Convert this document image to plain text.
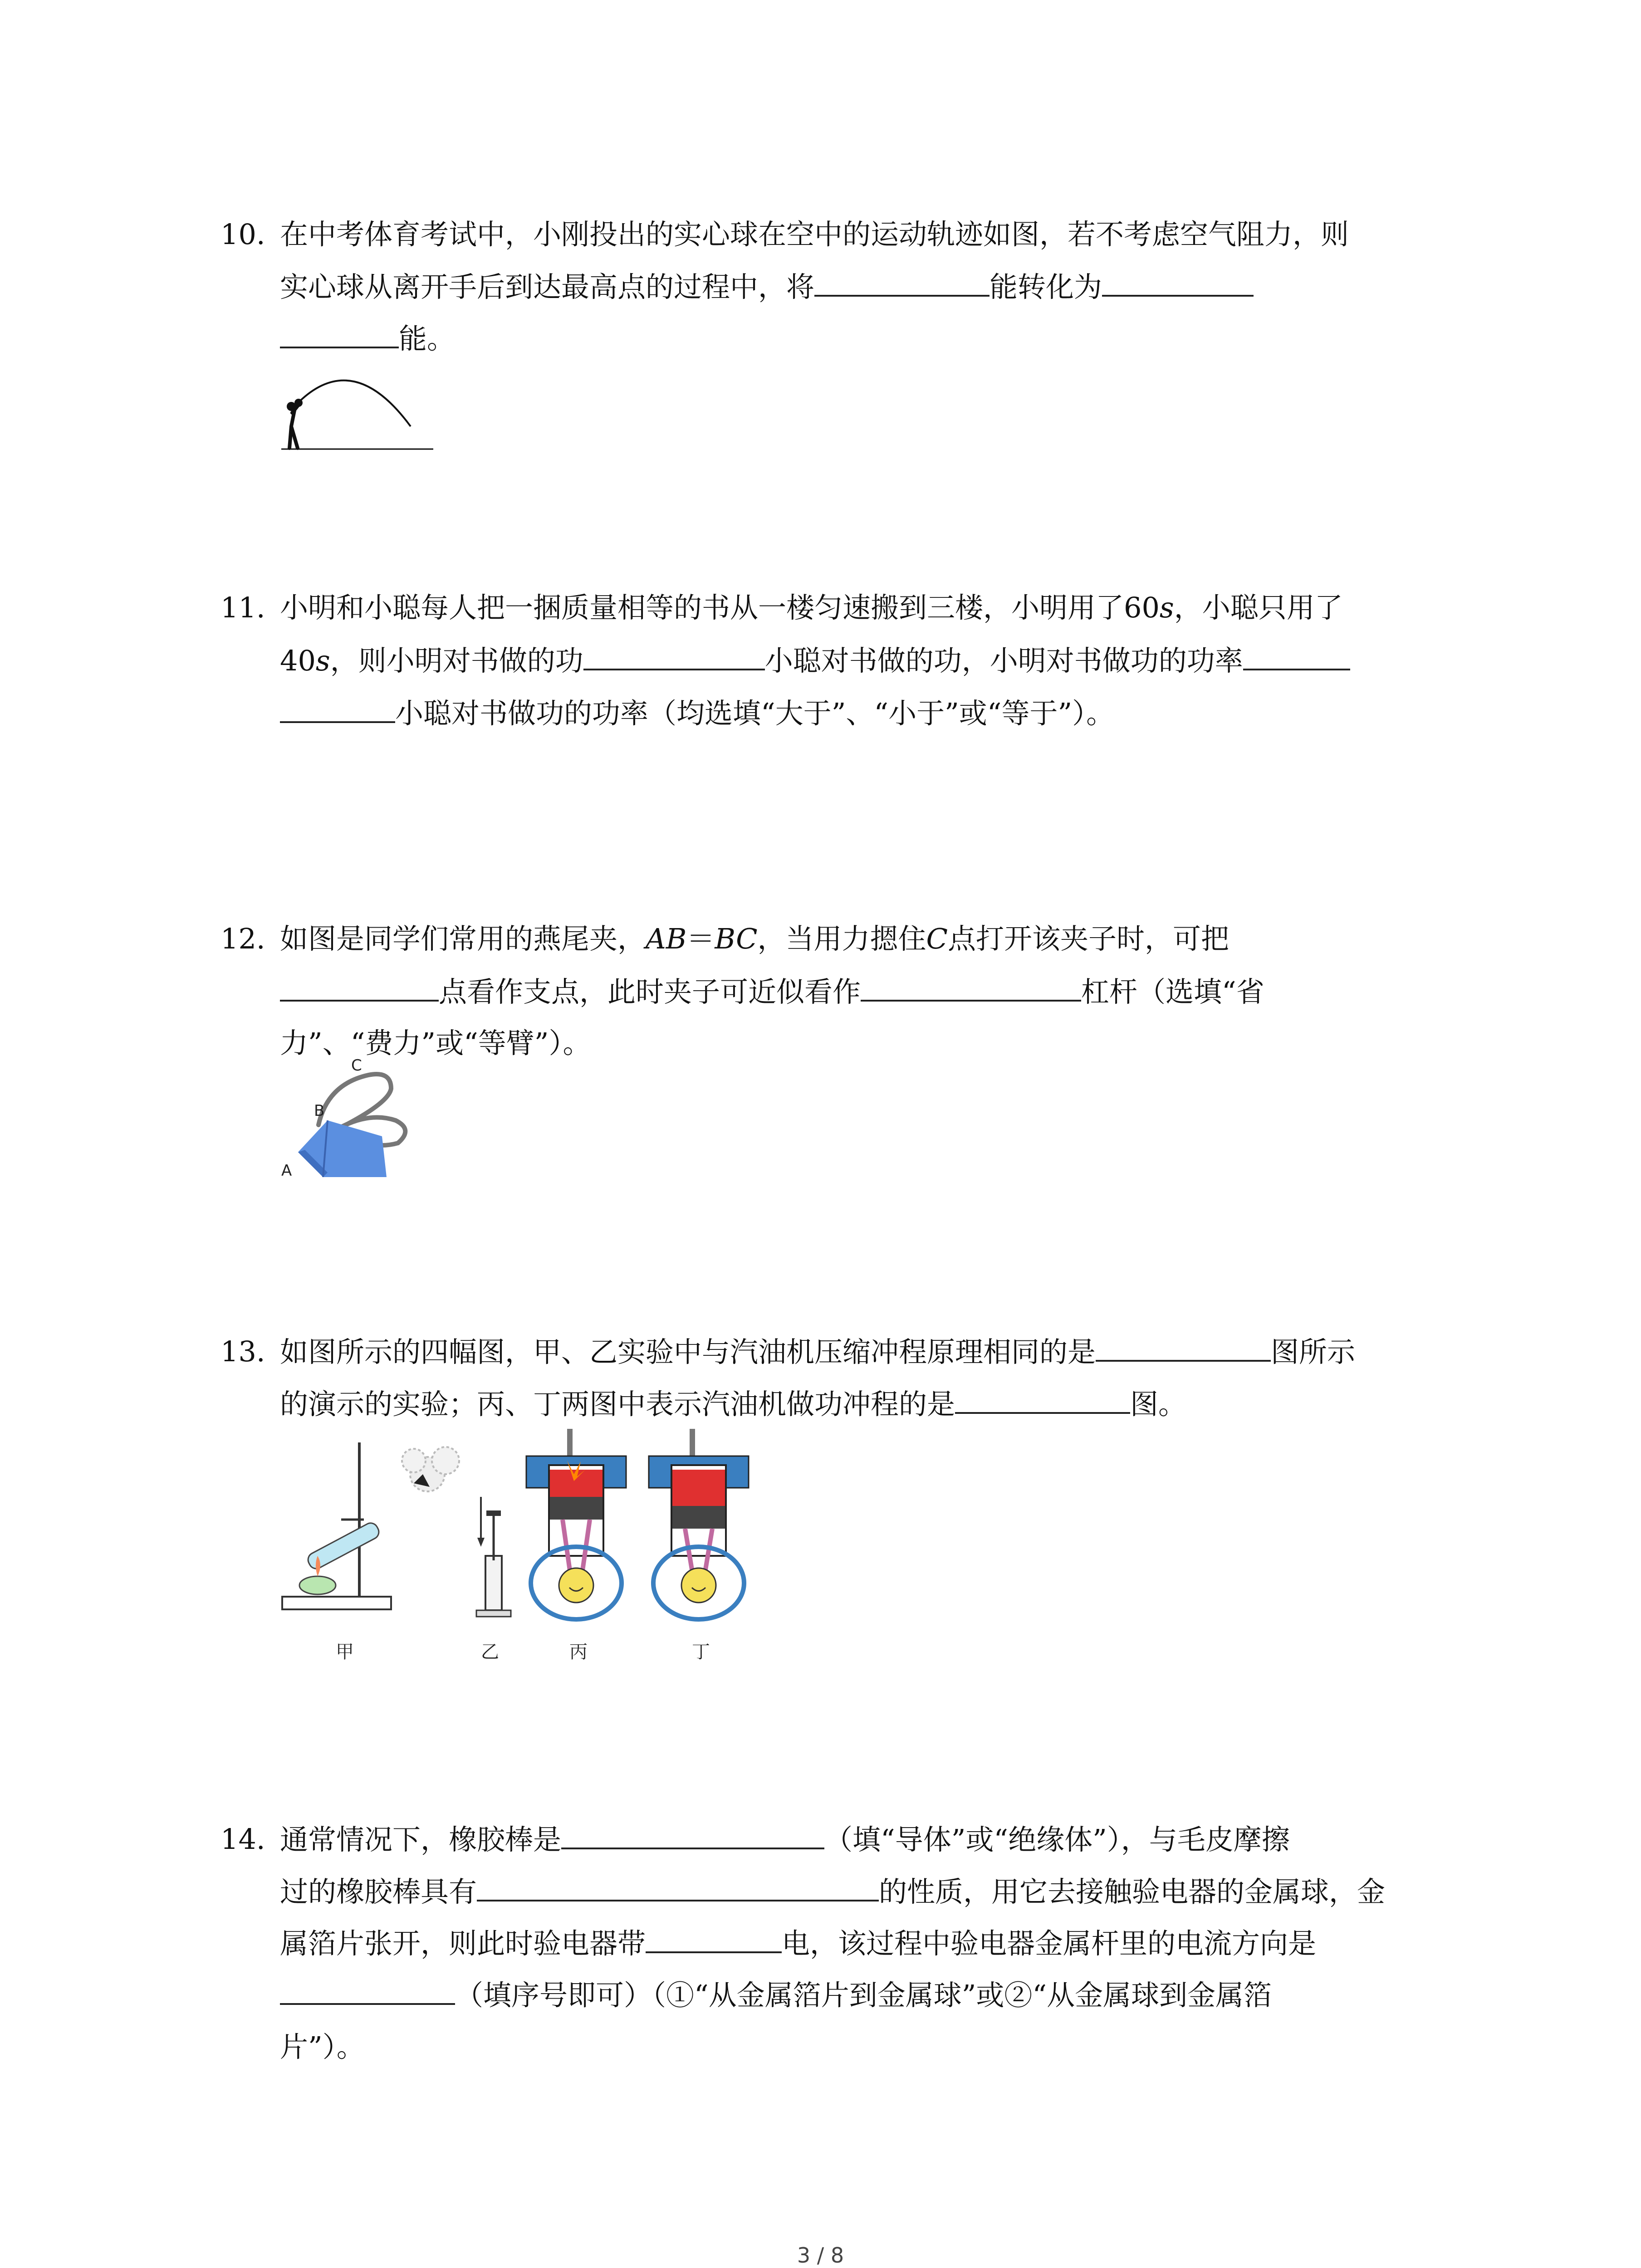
10. 在中考体育考试中，小刚投出的实心球在空中的运动轨迹如图，若不考虑空气阻力，则
实心球从离开手后到达最高点的过程中，将	能转化为
能。
11. 小明和小聪每人把一捆质量相等的书从一楼匀速搬到三楼，小明用了60s，小聪只用了
40s，则小明对书做的功	小聪对书做的功，小明对书做功的功率
小聪对书做功的功率（均选填“大于”、“小于”或“等于”）。
12. 如图是同学们常用的燕尾夹，AB＝BC，当用力摁住C点打开该夹子时，可把
点看作支点，此时夹子可近似看作	杠杆（选填“省
力”、“费力”或“等臂”）。
C
B
A
13. 如图所示的四幅图，甲、乙实验中与汽油机压缩冲程原理相同的是	图所示
的演示的实验；丙、丁两图中表示汽油机做功冲程的是	图。
甲	乙	丙	丁
14. 通常情况下，橡胶棒是	（填“导体”或“绝缘体”），与毛皮摩擦
过的橡胶棒具有	的性质，用它去接触验电器的金属球，金
属箔片张开，则此时验电器带	电，该过程中验电器金属杆里的电流方向是
（填序号即可）（①“从金属箔片到金属球”或②“从金属球到金属箔
片”）。
3 / 8
